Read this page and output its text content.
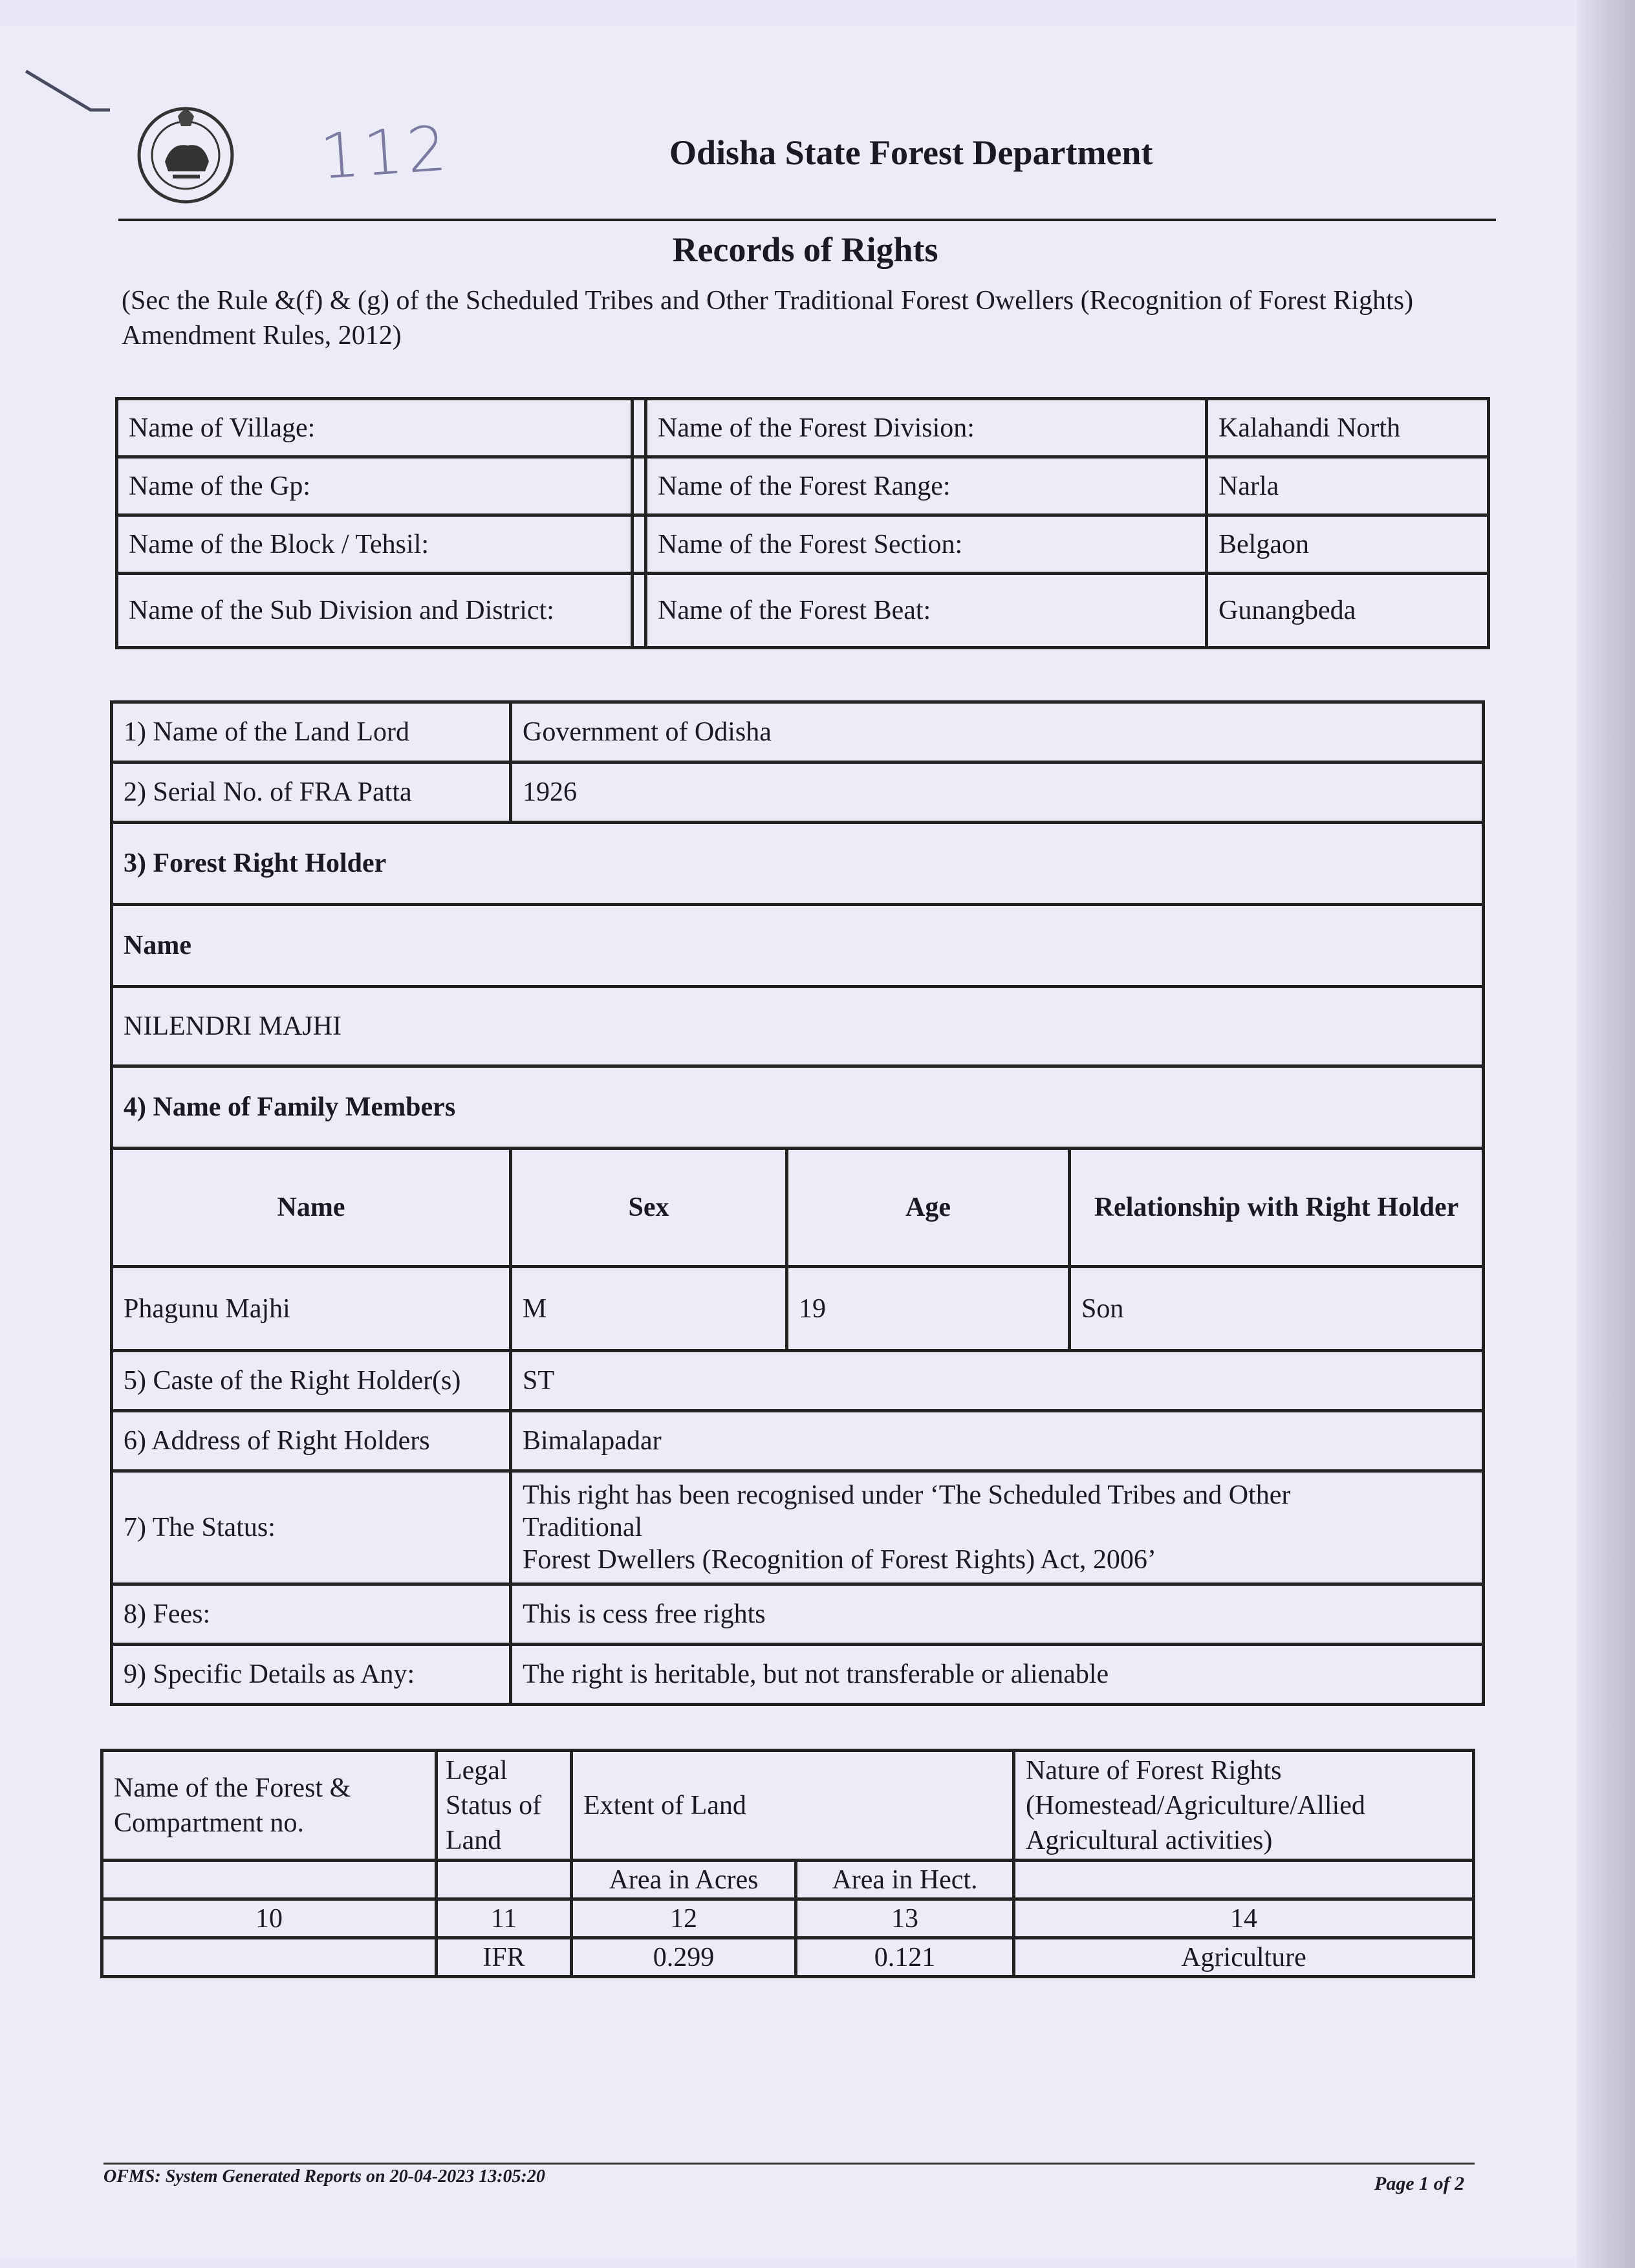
112	Odisha State Forest Department
Records of Rights
(Sec the Rule &(f) & (g) of the Scheduled Tribes and Other Traditional Forest Owellers (Recognition of Forest Rights) Amendment Rules, 2012)
Name of Village:		Name of the Forest Division:	Kalahandi North
Name of the Gp:		Name of the Forest Range:	Narla
Name of the Block / Tehsil:		Name of the Forest Section:	Belgaon
Name of the Sub Division and District:		Name of the Forest Beat:	Gunangbeda
1) Name of the Land Lord	Government of Odisha		
2) Serial No. of FRA Patta	1926		
3) Forest Right Holder			
Name			
NILENDRI MAJHI			
4) Name of Family Members			
Name	Sex	Age	Relationship with Right Holder
Phagunu Majhi	M	19	Son
5) Caste of the Right Holder(s)	ST		
6) Address of Right Holders	Bimalapadar		
7) The Status:	This right has been recognised under ‘The Scheduled Tribes and Other
Traditional
Forest Dwellers (Recognition of Forest Rights) Act, 2006’		

8) Fees:	This is cess free rights		
9) Specific Details as Any:	The right is heritable, but not transferable or alienable		
Name of the Forest & Compartment no.	Legal Status of Land	Extent of Land		Nature of Forest Rights (Homestead/Agriculture/Allied Agricultural activities)
		Area in Acres	Area in Hect.	
10	11	12	13	14
	IFR	0.299	0.121	Agriculture
OFMS: System Generated Reports on 20-04-2023 13:05:20	Page 1 of 2
